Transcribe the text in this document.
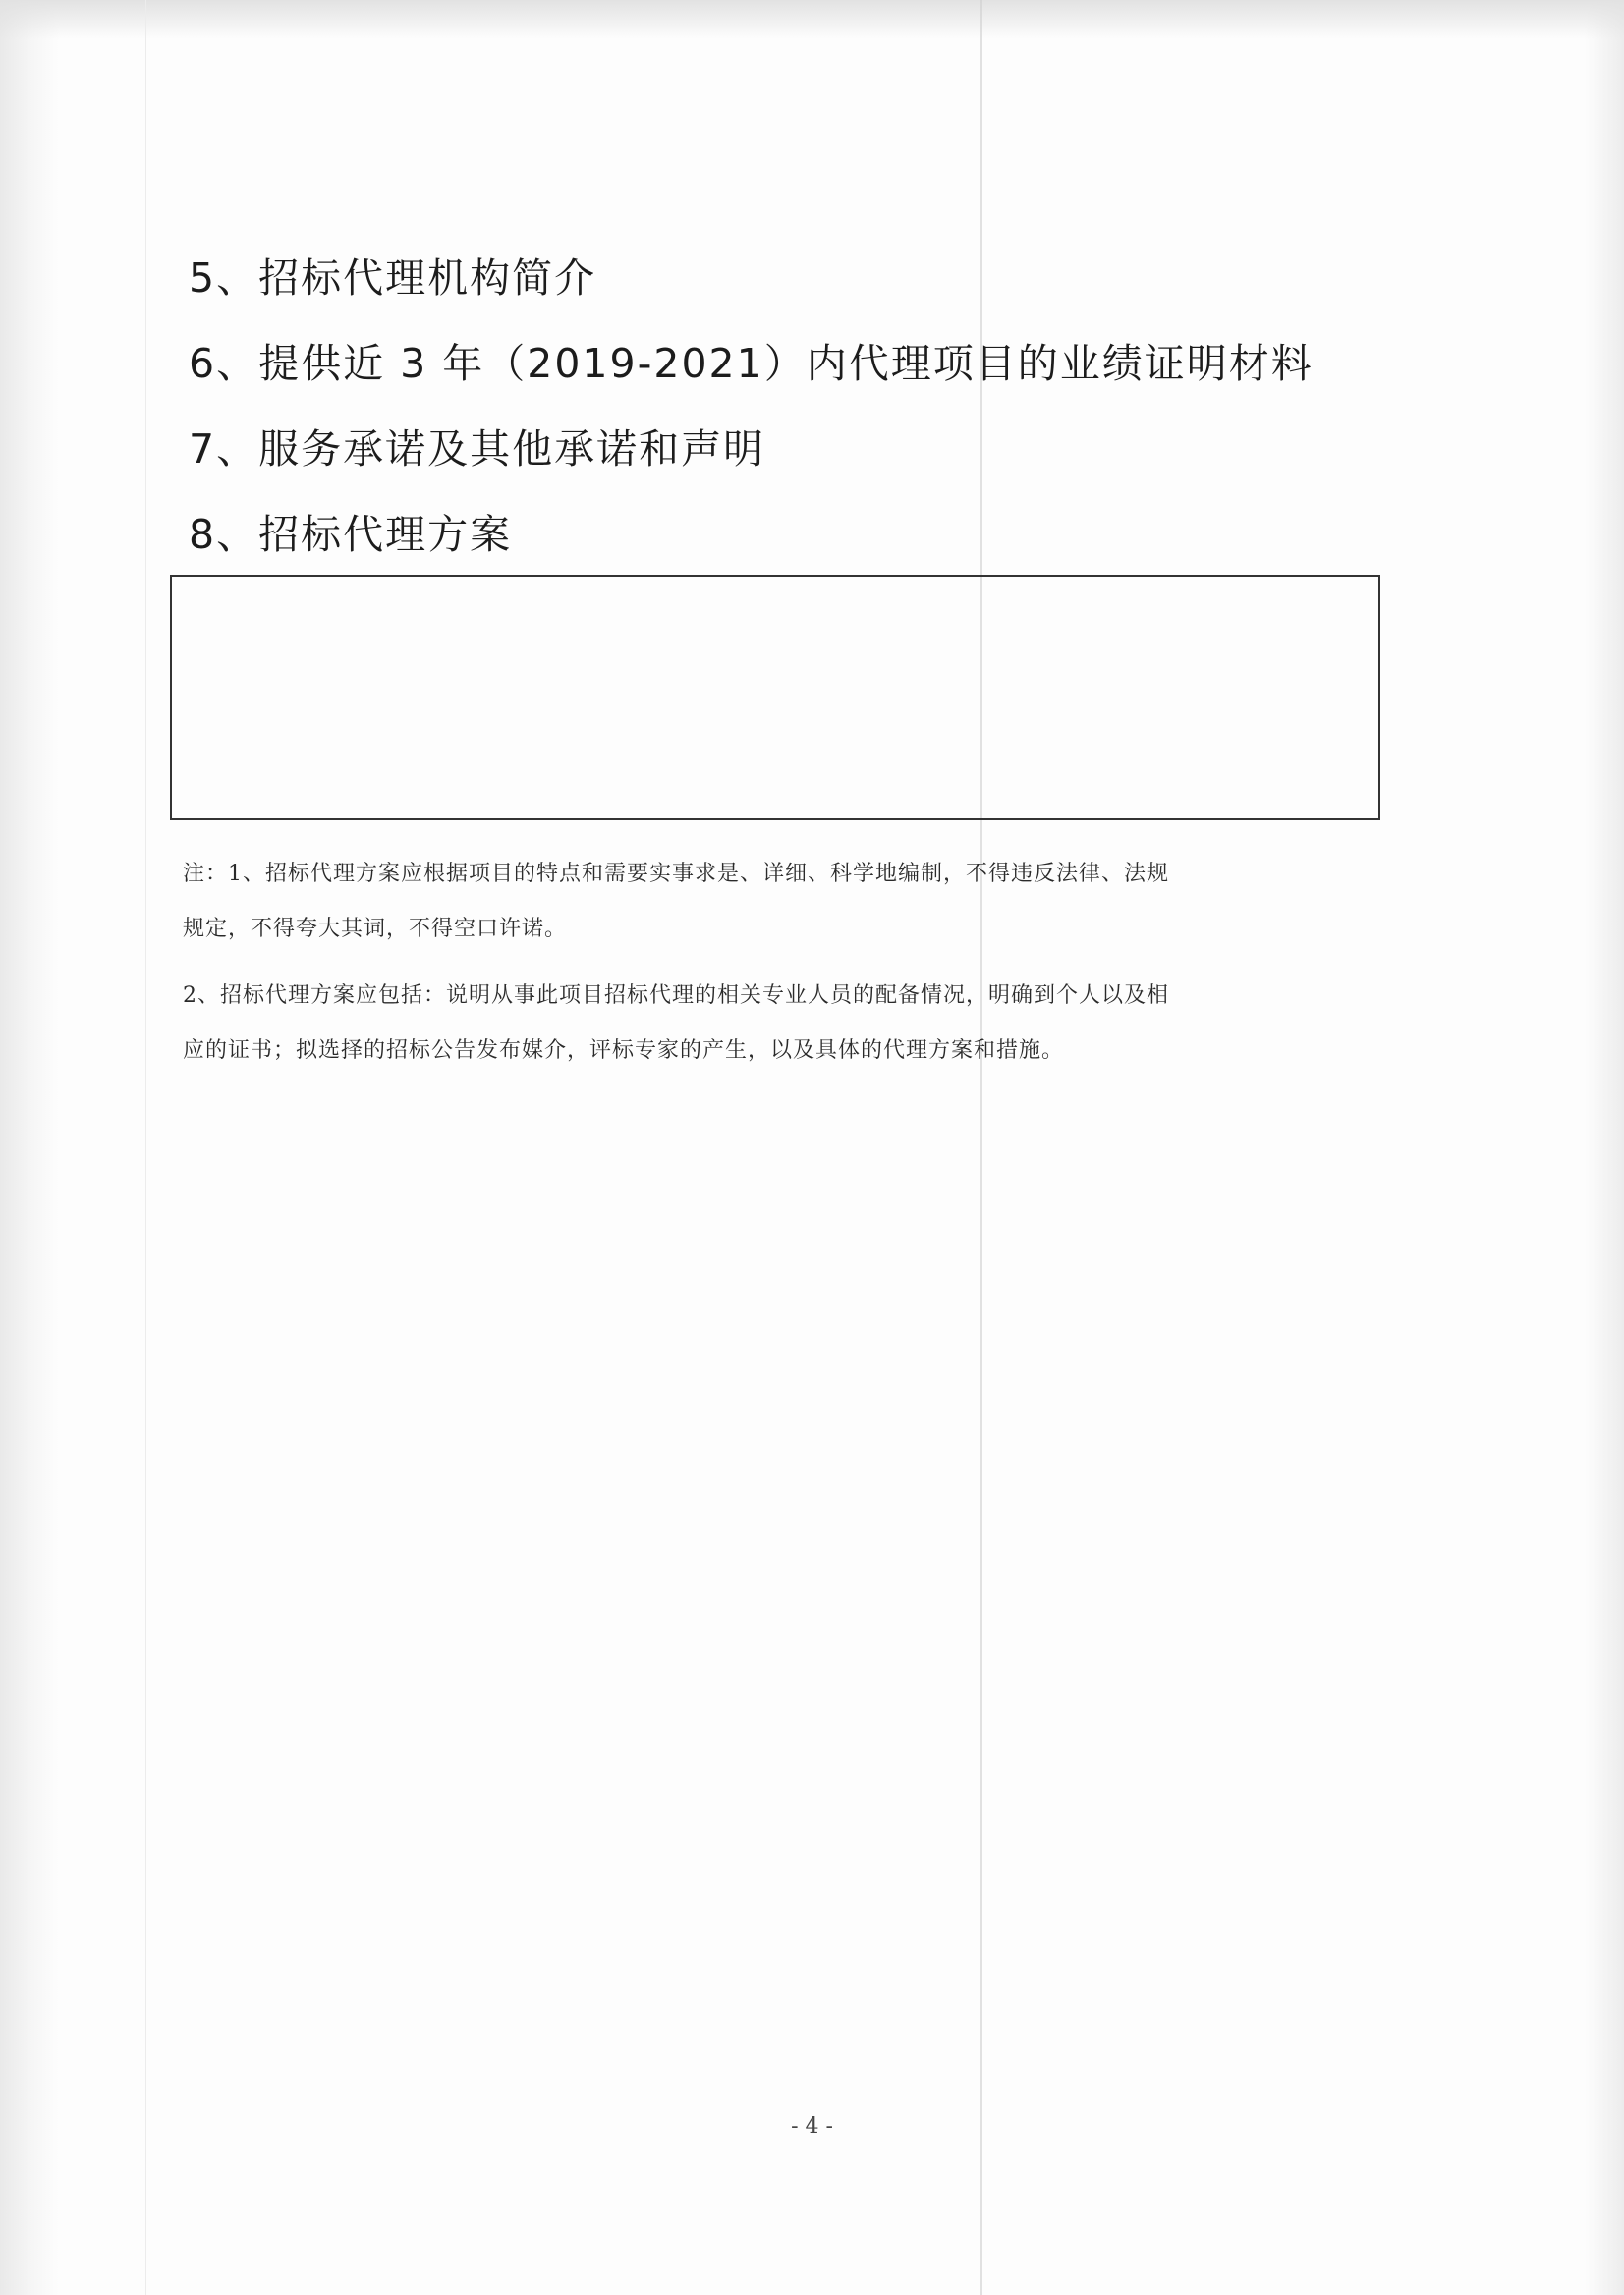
5、招标代理机构简介
6、提供近 3 年（2019-2021）内代理项目的业绩证明材料
7、服务承诺及其他承诺和声明
8、招标代理方案

注：1、招标代理方案应根据项目的特点和需要实事求是、详细、科学地编制，不得违反法律、法规

规定，不得夸大其词，不得空口许诺。

2、招标代理方案应包括：说明从事此项目招标代理的相关专业人员的配备情况，明确到个人以及相

应的证书；拟选择的招标公告发布媒介，评标专家的产生，以及具体的代理方案和措施。

- 4 -
